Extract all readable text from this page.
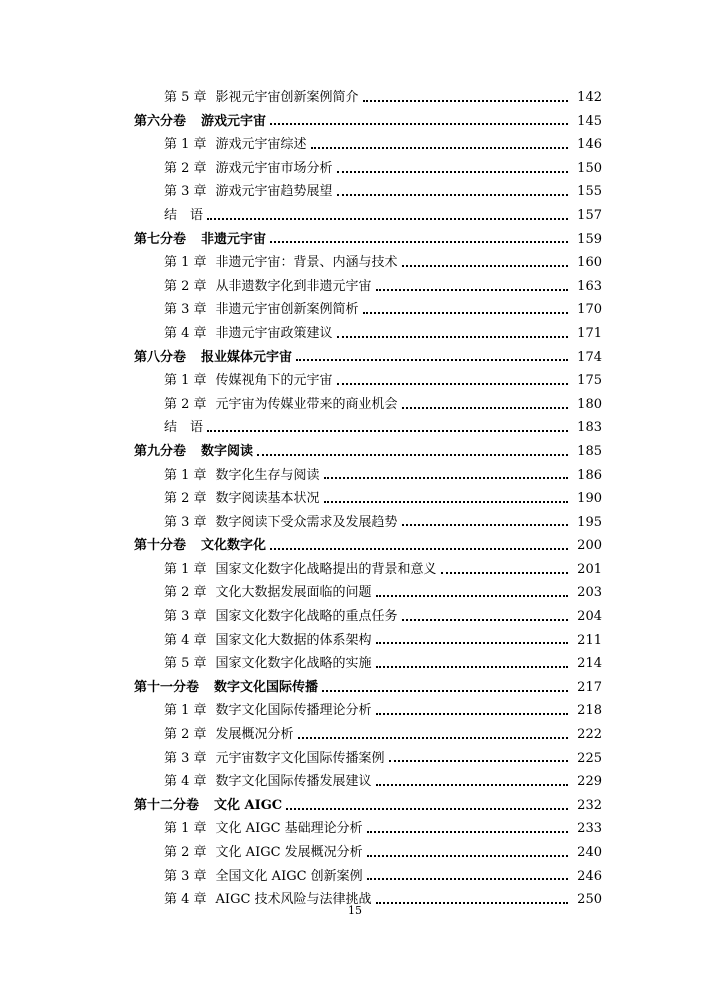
第 5 章 影视元宇宙创新案例简介	142
第六分卷 游戏元宇宙	145
第 1 章 游戏元宇宙综述	146
第 2 章 游戏元宇宙市场分析	150
第 3 章 游戏元宇宙趋势展望	155
结　语	157
第七分卷 非遗元宇宙	159
第 1 章 非遗元宇宙：背景、内涵与技术	160
第 2 章 从非遗数字化到非遗元宇宙	163
第 3 章 非遗元宇宙创新案例简析	170
第 4 章 非遗元宇宙政策建议	171
第八分卷 报业媒体元宇宙	174
第 1 章 传媒视角下的元宇宙	175
第 2 章 元宇宙为传媒业带来的商业机会	180
结　语	183
第九分卷 数字阅读	185
第 1 章 数字化生存与阅读	186
第 2 章 数字阅读基本状况	190
第 3 章 数字阅读下受众需求及发展趋势	195
第十分卷 文化数字化	200
第 1 章 国家文化数字化战略提出的背景和意义	201
第 2 章 文化大数据发展面临的问题	203
第 3 章 国家文化数字化战略的重点任务	204
第 4 章 国家文化大数据的体系架构	211
第 5 章 国家文化数字化战略的实施	214
第十一分卷 数字文化国际传播	217
第 1 章 数字文化国际传播理论分析	218
第 2 章 发展概况分析	222
第 3 章 元宇宙数字文化国际传播案例	225
第 4 章 数字文化国际传播发展建议	229
第十二分卷 文化 AIGC	232
第 1 章 文化 AIGC 基础理论分析	233
第 2 章 文化 AIGC 发展概况分析	240
第 3 章 全国文化 AIGC 创新案例	246
第 4 章 AIGC 技术风险与法律挑战	250
15
